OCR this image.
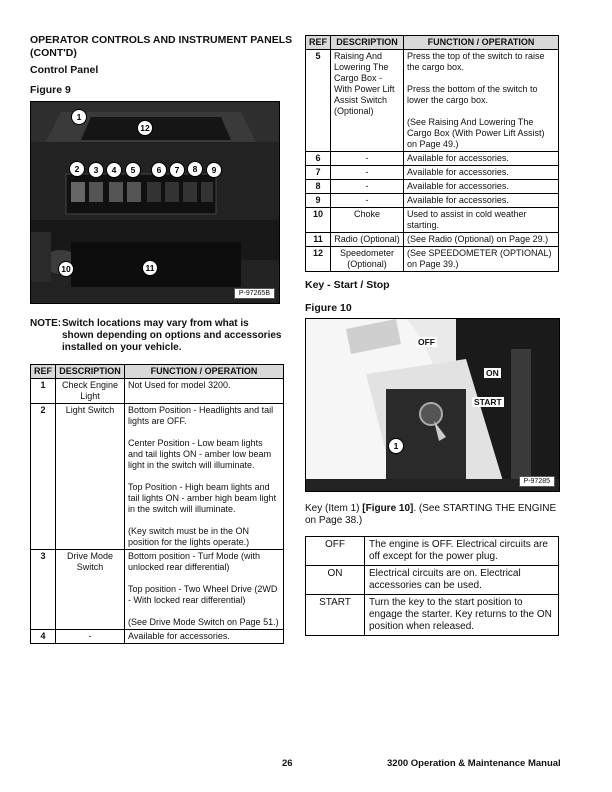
OPERATOR CONTROLS AND INSTRUMENT PANELS (CONT'D)
Control Panel
Figure 9
1
12
2	3	4	5	6	7	8	9
10	11
P-97265B
NOTE: Switch locations may vary from what is shown depending on options and accessories installed on your vehicle.
REF	DESCRIPTION	FUNCTION / OPERATION
1	Check Engine Light	Not Used for model 3200.
2	Light Switch	Bottom Position - Headlights and tail lights are OFF.
Center Position - Low beam lights and tail lights ON - amber low beam light in the switch will illuminate.
Top Position - High beam lights and tail lights ON - amber high beam light in the switch will illuminate.
(Key switch must be in the ON position for the lights operate.)
3	Drive Mode Switch	Bottom position - Turf Mode (with unlocked rear differential)
Top position - Two Wheel Drive (2WD - With locked rear differential)
(See Drive Mode Switch on Page 51.)
4	-	Available for accessories.
REF	DESCRIPTION	FUNCTION / OPERATION
5	Raising And Lowering The Cargo Box - With Power Lift Assist Switch (Optional)	Press the top of the switch to raise the cargo box.
Press the bottom of the switch to lower the cargo box.
(See Raising And Lowering The Cargo Box (With Power Lift Assist) on Page 49.)
6	-	Available for accessories.
7	-	Available for accessories.
8	-	Available for accessories.
9	-	Available for accessories.
10	Choke	Used to assist in cold weather starting.
11	Radio (Optional)	(See Radio (Optional) on Page 29.)
12	Speedometer (Optional)	(See SPEEDOMETER (OPTIONAL) on Page 39.)
Key - Start / Stop
Figure 10
OFF
ON
START
1
P-97285
Key (Item 1) [Figure 10]. (See STARTING THE ENGINE on Page 38.)
OFF	The engine is OFF. Electrical circuits are off except for the power plug.
ON	Electrical circuits are on. Electrical accessories can be used.
START	Turn the key to the start position to engage the starter. Key returns to the ON position when released.
26	3200 Operation & Maintenance Manual
